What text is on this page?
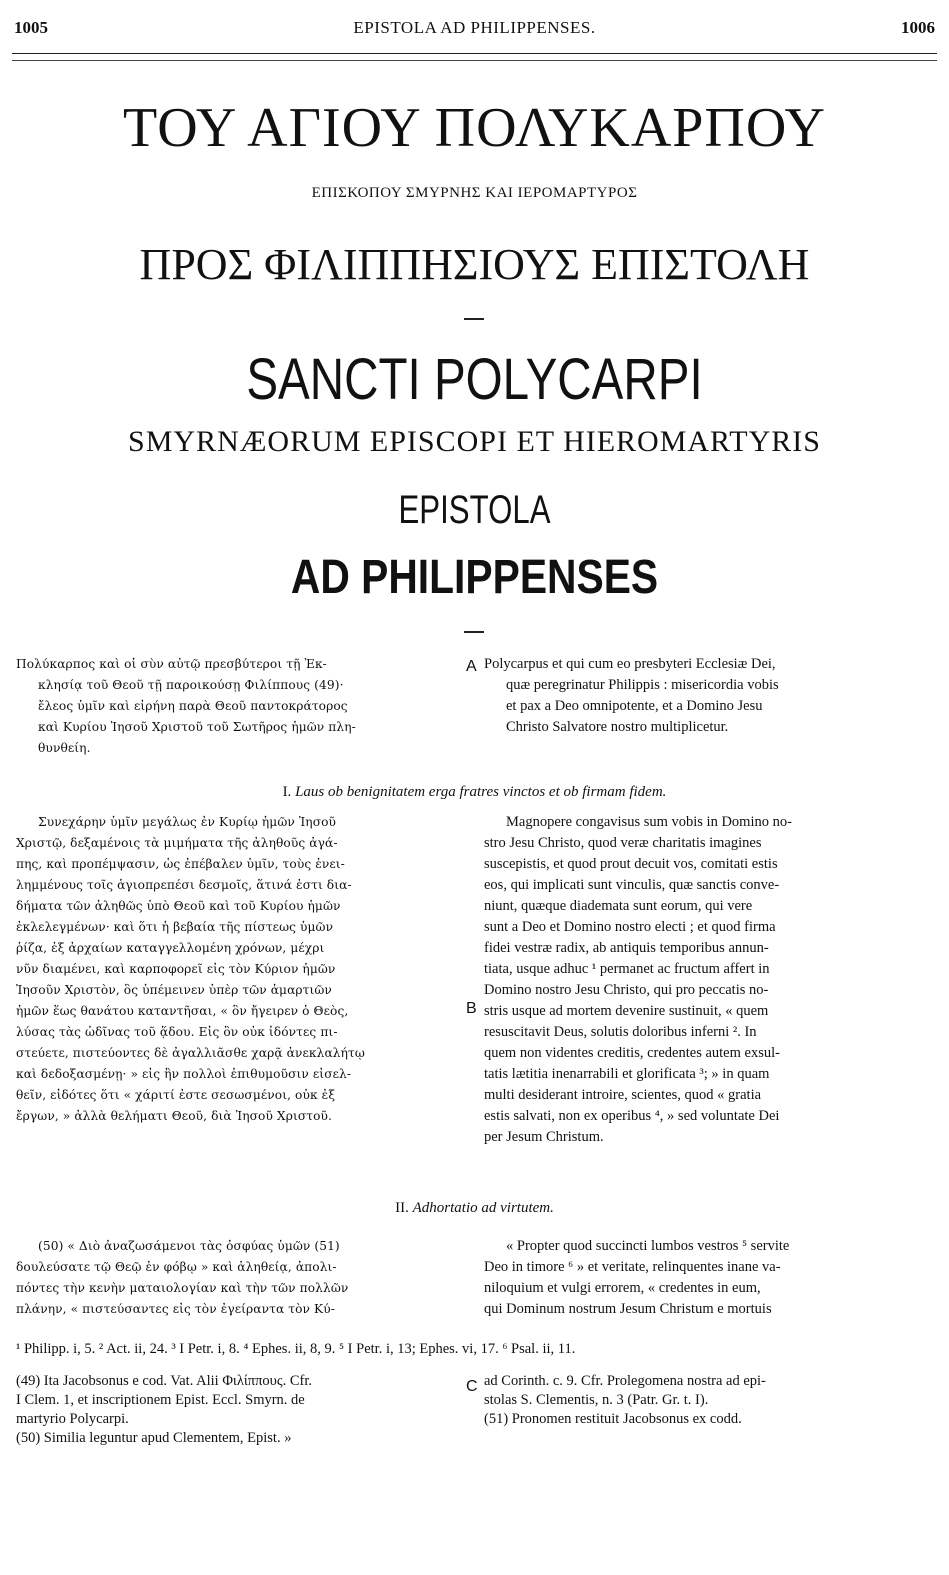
1005	EPISTOLA AD PHILIPPENSES.	1006
ΤΟΥ ΑΓΙΟΥ ΠΟΛΥΚΑΡΠΟΥ
ΕΠΙΣΚΟΠΟΥ ΣΜΥΡΝΗΣ ΚΑΙ ΙΕΡΟΜΑΡΤΥΡΟΣ
ΠΡΟΣ ΦΙΛΙΠΠΗΣΙΟΥΣ ΕΠΙΣΤΟΛΗ
SANCTI POLYCARPI
SMYRNÆORUM EPISCOPI ET HIEROMARTYRIS
EPISTOLA
AD PHILIPPENSES

Πολύκαρπος καὶ οἱ σὺν αὐτῷ πρεσβύτεροι τῇ Ἐκ-

κλησίᾳ τοῦ Θεοῦ τῇ παροικούσῃ Φιλίππους (49)·

ἔλεος ὑμῖν καὶ εἰρήνη παρὰ Θεοῦ παντοκράτορος

καὶ Κυρίου Ἰησοῦ Χριστοῦ τοῦ Σωτῆρος ἡμῶν πλη-

θυνθείη.

A Polycarpus et qui cum eo presbyteri Ecclesiæ Dei,

quæ peregrinatur Philippis : misericordia vobis

et pax a Deo omnipotente, et a Domino Jesu

Christo Salvatore nostro multiplicetur.

I. Laus ob benignitatem erga fratres vinctos et ob firmam fidem.

Συνεχάρην ὑμῖν μεγάλως ἐν Κυρίῳ ἡμῶν Ἰησοῦ

Χριστῷ, δεξαμένοις τὰ μιμήματα τῆς ἀληθοῦς ἀγά-

πης, καὶ προπέμψασιν, ὡς ἐπέβαλεν ὑμῖν, τοὺς ἐνει-

λημμένους τοῖς ἁγιοπρεπέσι δεσμοῖς, ἅτινά ἐστι δια-

δήματα τῶν ἀληθῶς ὑπὸ Θεοῦ καὶ τοῦ Κυρίου ἡμῶν

ἐκλελεγμένων· καὶ ὅτι ἡ βεβαία τῆς πίστεως ὑμῶν

ῥίζα, ἐξ ἀρχαίων καταγγελλομένη χρόνων, μέχρι

νῦν διαμένει, καὶ καρποφορεῖ εἰς τὸν Κύριον ἡμῶν

Ἰησοῦν Χριστὸν, ὃς ὑπέμεινεν ὑπὲρ τῶν ἁμαρτιῶν

ἡμῶν ἕως θανάτου καταντῆσαι, « ὃν ἤγειρεν ὁ Θεὸς,

λύσας τὰς ὠδῖνας τοῦ ᾅδου. Εἰς ὃν οὐκ ἰδόντες πι-

στεύετε, πιστεύοντες δὲ ἀγαλλιᾶσθε χαρᾷ ἀνεκλαλήτῳ

καὶ δεδοξασμένῃ· » εἰς ἣν πολλοὶ ἐπιθυμοῦσιν εἰσελ-

θεῖν, εἰδότες ὅτι « χάριτί ἐστε σεσωσμένοι, οὐκ ἐξ

ἔργων, » ἀλλὰ θελήματι Θεοῦ, διὰ Ἰησοῦ Χριστοῦ.

B

Magnopere congavisus sum vobis in Domino no-

stro Jesu Christo, quod veræ charitatis imagines

suscepistis, et quod prout decuit vos, comitati estis

eos, qui implicati sunt vinculis, quæ sanctis conve-

niunt, quæque diademata sunt eorum, qui vere

sunt a Deo et Domino nostro electi ; et quod firma

fidei vestræ radix, ab antiquis temporibus annun-

tiata, usque adhuc ¹ permanet ac fructum affert in

Domino nostro Jesu Christo, qui pro peccatis no-

stris usque ad mortem devenire sustinuit, « quem

resuscitavit Deus, solutis doloribus inferni ². In

quem non videntes creditis, credentes autem exsul-

tatis lætitia inenarrabili et glorificata ³; » in quam

multi desiderant introire, scientes, quod « gratia

estis salvati, non ex operibus ⁴, » sed voluntate Dei

per Jesum Christum.

II. Adhortatio ad virtutem.

(50) « Διὸ ἀναζωσάμενοι τὰς ὀσφύας ὑμῶν (51)

δουλεύσατε τῷ Θεῷ ἐν φόβῳ » καὶ ἀληθείᾳ, ἀπολι-

πόντες τὴν κενὴν ματαιολογίαν καὶ τὴν τῶν πολλῶν

πλάνην, « πιστεύσαντες εἰς τὸν ἐγείραντα τὸν Κύ-

« Propter quod succincti lumbos vestros ⁵ servite

Deo in timore ⁶ » et veritate, relinquentes inane va-

niloquium et vulgi errorem, « credentes in eum,

qui Dominum nostrum Jesum Christum e mortuis

¹ Philipp. i, 5. ² Act. ii, 24. ³ I Petr. i, 8. ⁴ Ephes. ii, 8, 9. ⁵ I Petr. i, 13; Ephes. vi, 17. ⁶ Psal. ii, 11.
(49) Ita Jacobsonus e cod. Vat. Alii Φιλίππους. Cfr.
I Clem. 1, et inscriptionem Epist. Eccl. Smyrn. de
martyrio Polycarpi.
(50) Similia leguntur apud Clementem, Epist. »
C ad Corinth. c. 9. Cfr. Prolegomena nostra ad epi-
stolas S. Clementis, n. 3 (Patr. Gr. t. I).
(51) Pronomen restituit Jacobsonus ex codd.
